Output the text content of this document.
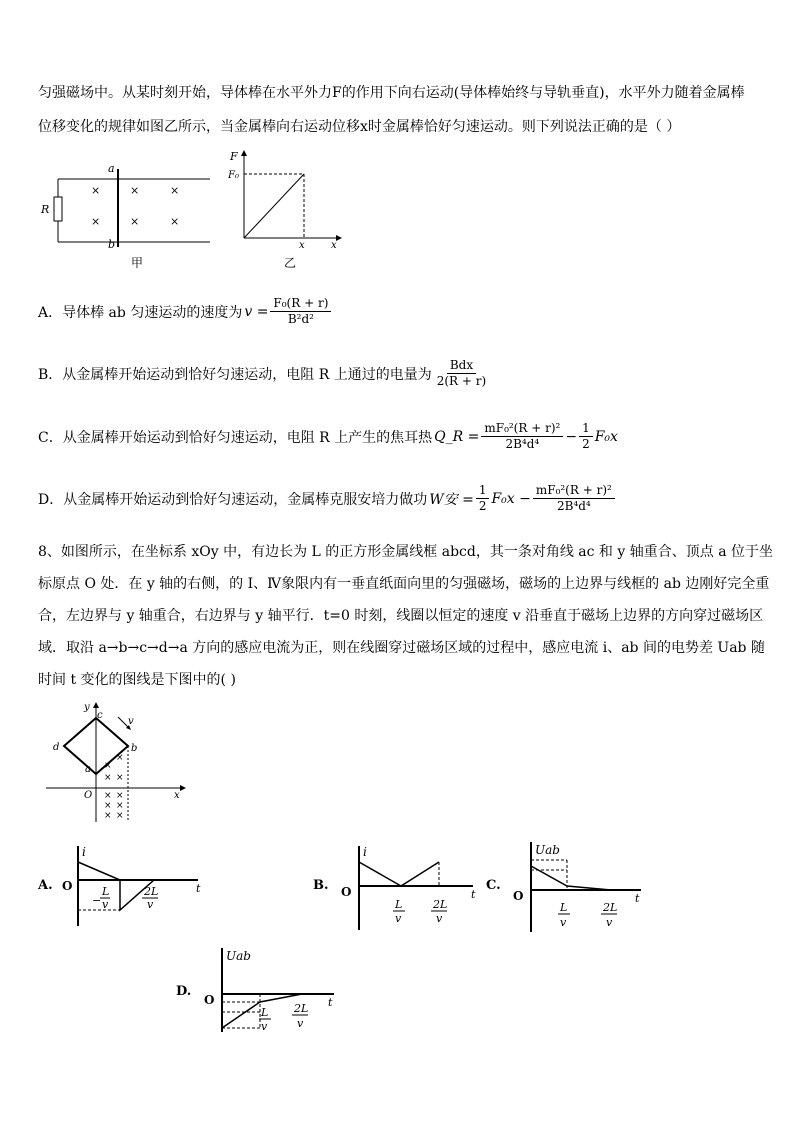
匀强磁场中。从某时刻开始，导体棒在水平外力F的作用下向右运动(导体棒始终与导轨垂直)，水平外力随着金属棒
位移变化的规律如图乙所示，当金属棒向右运动位移x时金属棒恰好匀速运动。则下列说法正确的是（ ）
×
×
×
×
×
×
a
b
R
甲
F
F₀
x	x
乙
A．导体棒 ab 匀速运动的速度为 $v = \frac{\text{F₀(R + r)}}{\text{B²d²}}$
B．从金属棒开始运动到恰好匀速运动，电阻 R 上通过的电量为 $\frac{\text{Bdx}}{2(R + r)}$
C．从金属棒开始运动到恰好匀速运动，电阻 R 上产生的焦耳热 Q_R = $\frac{\text{mF₀²(R + r)²}}{\text{2B⁴d⁴}} - \frac{1}{2} F_0x$
D．从金属棒开始运动到恰好匀速运动，金属棒克服安培力做功 W安 = $\frac{1}{2} F_0x - \frac{\text{mF₀²(R + r)²}}{\text{2B⁴d⁴}}$
8、如图所示，在坐标系 xOy 中，有边长为 L 的正方形金属线框 abcd，其一条对角线 ac 和 y 轴重合、顶点 a 位于坐
标原点 O 处．在 y 轴的右侧，的 I、Ⅳ象限内有一垂直纸面向里的匀强磁场，磁场的上边界与线框的 ab 边刚好完全重
合，左边界与 y 轴重合，右边界与 y 轴平行．t=0 时刻，线圈以恒定的速度 v 沿垂直于磁场上边界的方向穿过磁场区
域．取沿 a→b→c→d→a 方向的感应电流为正，则在线圈穿过磁场区域的过程中，感应电流 i、ab 间的电势差 Uab 随
时间 t 变化的图线是下图中的( )
×
×
× ×
× ×
× ×
× ×
y
x
O
a
b
c
d
v
A.
i
O	t
L
v
−
2L
v
B.
i
O	t
L
v
2L
v
C.
Uab
O	t
L
v
2L
v
D.
Uab
O	t
L
v
2L
v
